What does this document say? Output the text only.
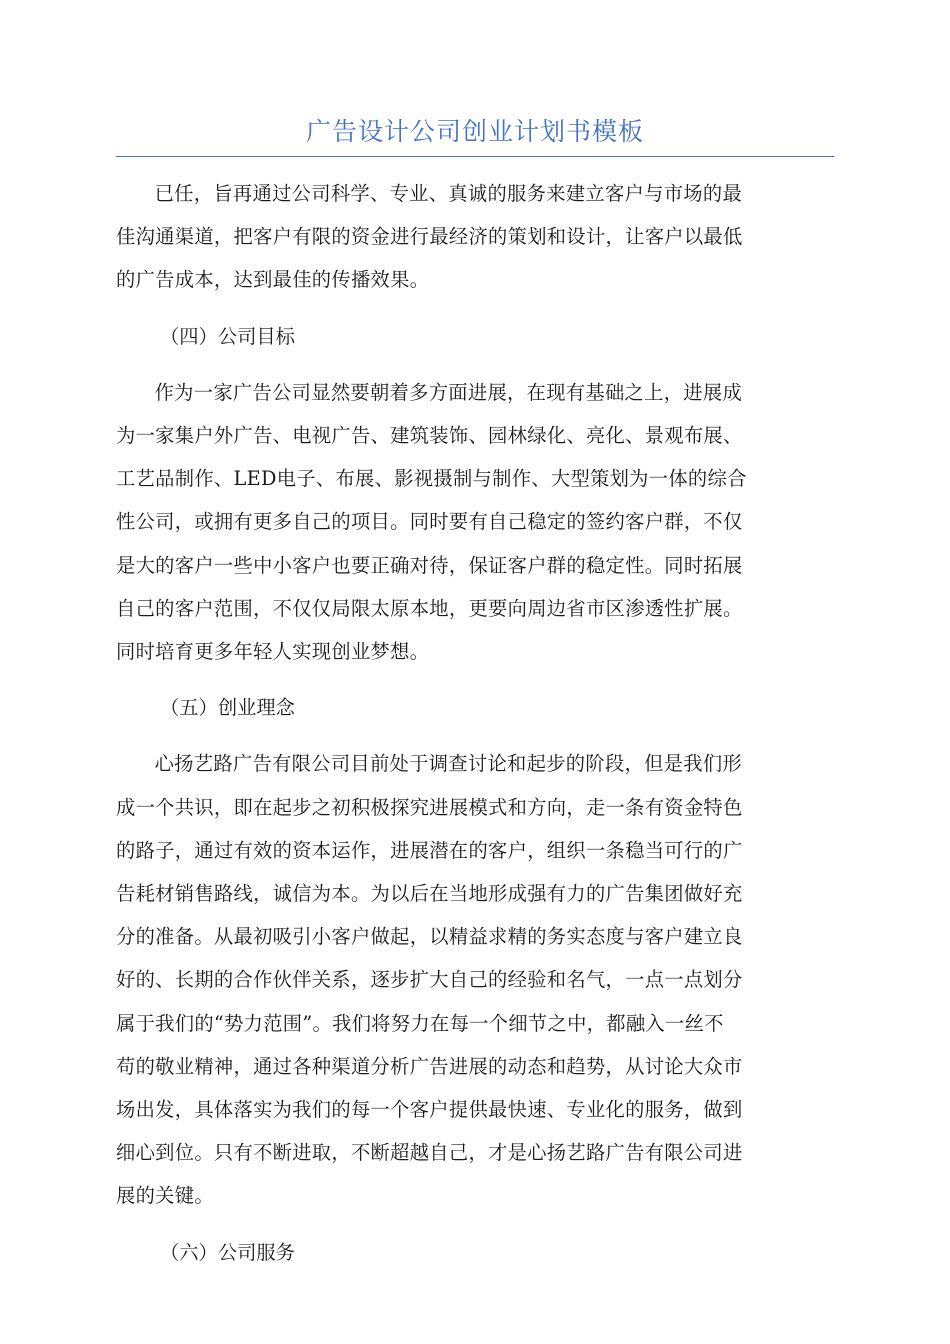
广告设计公司创业计划书模板
已任，旨再通过公司科学、专业、真诚的服务来建立客户与市场的最
佳沟通渠道，把客户有限的资金进行最经济的策划和设计，让客户以最低
的广告成本，达到最佳的传播效果。
（四）公司目标
作为一家广告公司显然要朝着多方面进展，在现有基础之上，进展成
为一家集户外广告、电视广告、建筑装饰、园林绿化、亮化、景观布展、
工艺品制作、LED电子、布展、影视摄制与制作、大型策划为一体的综合
性公司，或拥有更多自己的项目。同时要有自己稳定的签约客户群，不仅
是大的客户一些中小客户也要正确对待，保证客户群的稳定性。同时拓展
自己的客户范围，不仅仅局限太原本地，更要向周边省市区渗透性扩展。
同时培育更多年轻人实现创业梦想。
（五）创业理念
心扬艺路广告有限公司目前处于调查讨论和起步的阶段，但是我们形
成一个共识，即在起步之初积极探究进展模式和方向，走一条有资金特色
的路子，通过有效的资本运作，进展潜在的客户，组织一条稳当可行的广
告耗材销售路线，诚信为本。为以后在当地形成强有力的广告集团做好充
分的准备。从最初吸引小客户做起，以精益求精的务实态度与客户建立良
好的、长期的合作伙伴关系，逐步扩大自己的经验和名气，一点一点划分
属于我们的“势力范围”。我们将努力在每一个细节之中，都融入一丝不
苟的敬业精神，通过各种渠道分析广告进展的动态和趋势，从讨论大众市
场出发，具体落实为我们的每一个客户提供最快速、专业化的服务，做到
细心到位。只有不断进取，不断超越自己，才是心扬艺路广告有限公司进
展的关键。
（六）公司服务
